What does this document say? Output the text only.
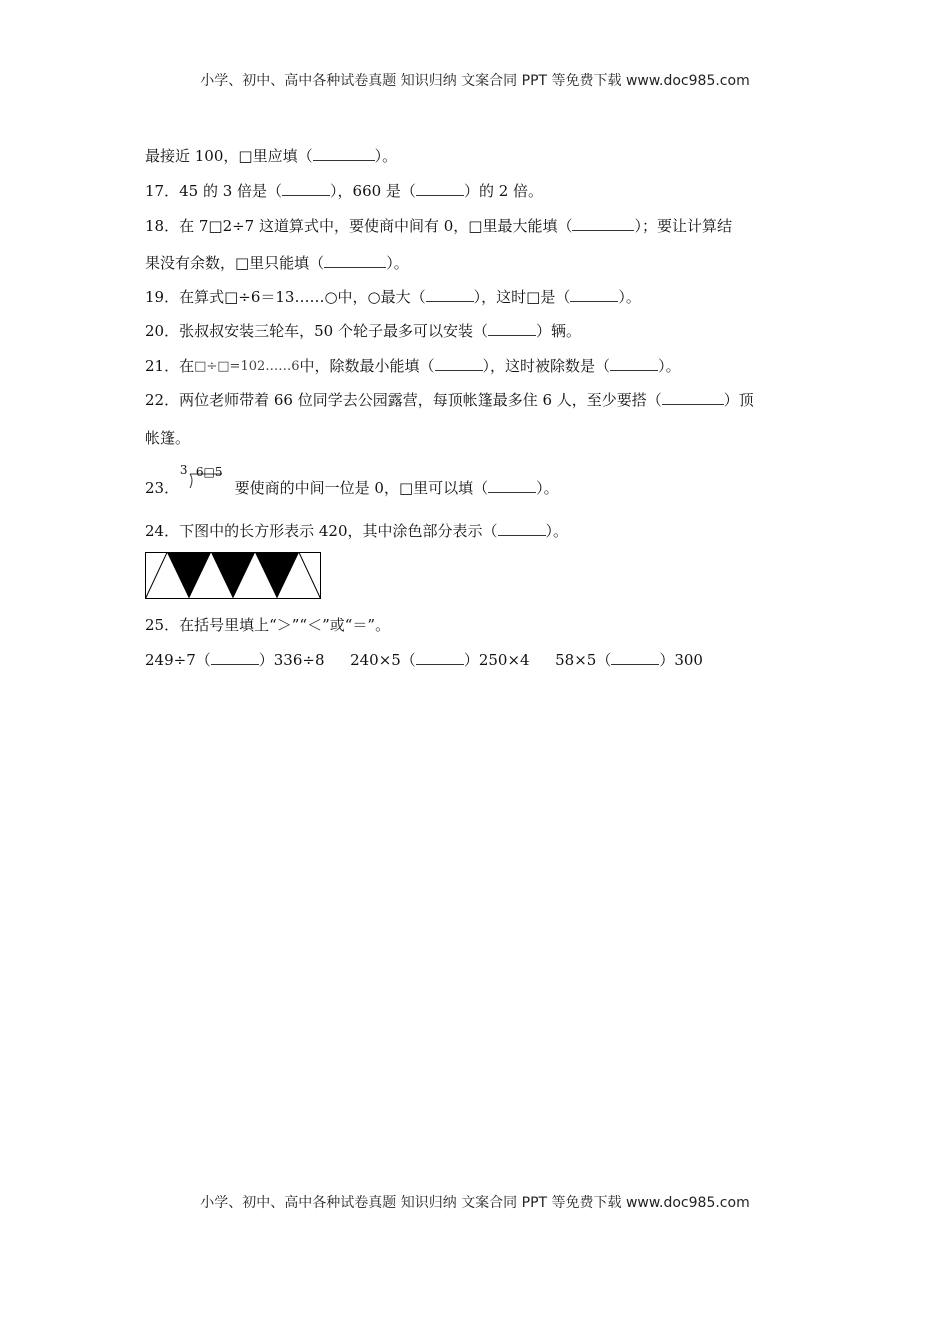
小学、初中、高中各种试卷真题 知识归纳 文案合同 PPT 等免费下载 www.doc985.com
最接近 100，□里应填（	）。
17．45 的 3 倍是（	），660 是（	）的 2 倍。
18．在 7□2÷7 这道算式中，要使商中间有 0，□里最大能填（	）；要让计算结
果没有余数，□里只能填（	）。
19．在算式□÷6＝13……○中，○最大（	），这时□是（	）。
20．张叔叔安装三轮车，50 个轮子最多可以安装（	）辆。
21．在□÷□=102……6中，除数最小能填（	），这时被除数是（	）。
22．两位老师带着 66 位同学去公园露营，每顶帐篷最多住 6 人，至少要搭（	）顶
帐篷。
23．
3 6□5
要使商的中间一位是 0，□里可以填（	）。
24．下图中的长方形表示 420，其中涂色部分表示（	）。
25．在括号里填上“＞”“＜”或“＝”。
249÷7（	）336÷8 240×5（	）250×4 58×5（	）300
小学、初中、高中各种试卷真题 知识归纳 文案合同 PPT 等免费下载 www.doc985.com
